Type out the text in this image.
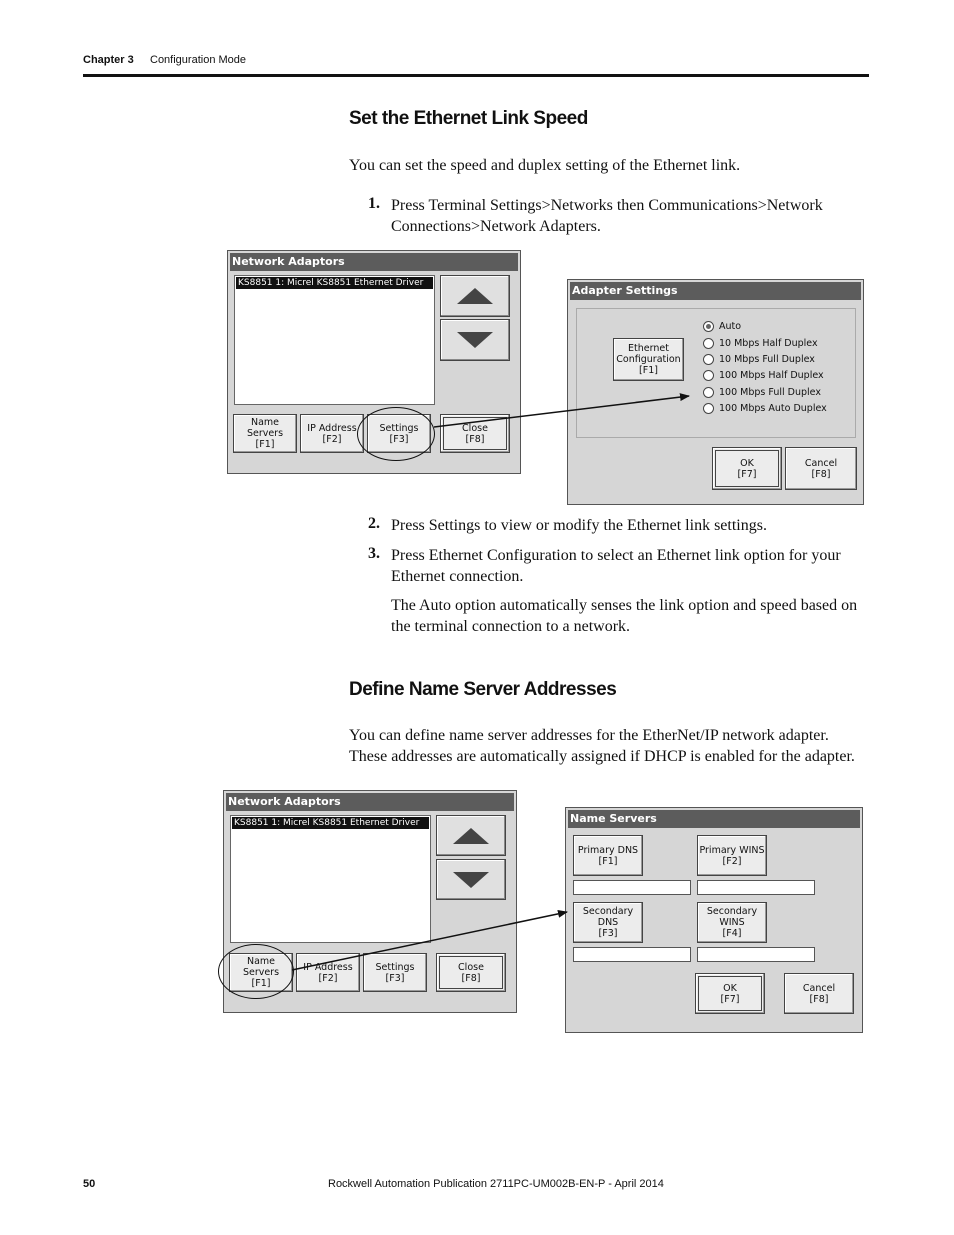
Chapter 3 Configuration Mode
Set the Ethernet Link Speed
You can set the speed and duplex setting of the Ethernet link.
1. Press Terminal Settings>Networks then Communications>Network Connections>Network Adapters.
Network Adaptors
KS8851 1: Micrel KS8851 Ethernet Driver
Name
Servers
[F1]
IP Address
[F2]
Settings
[F3]
Close
[F8]
Adapter Settings
Ethernet
Configuration
[F1]
Auto
10 Mbps Half Duplex
10 Mbps Full Duplex
100 Mbps Half Duplex
100 Mbps Full Duplex
100 Mbps Auto Duplex
OK
[F7]
Cancel
[F8]
2. Press Settings to view or modify the Ethernet link settings.
3. Press Ethernet Configuration to select an Ethernet link option for your Ethernet connection.
The Auto option automatically senses the link option and speed based on the terminal connection to a network.
Define Name Server Addresses
You can define name server addresses for the EtherNet/IP network adapter. These addresses are automatically assigned if DHCP is enabled for the adapter.
Network Adaptors
KS8851 1: Micrel KS8851 Ethernet Driver
Name
Servers
[F1]
Address
[F2]
Settings
[F3]
Close
[F8]
Name Servers
Primary DNS
[F1]
Primary WINS
[F2]
Secondary
DNS
[F3]
Secondary
WINS
[F4]
OK
[F7]
Cancel
[F8]
50	Rockwell Automation Publication 2711PC-UM002B-EN-P - April 2014
